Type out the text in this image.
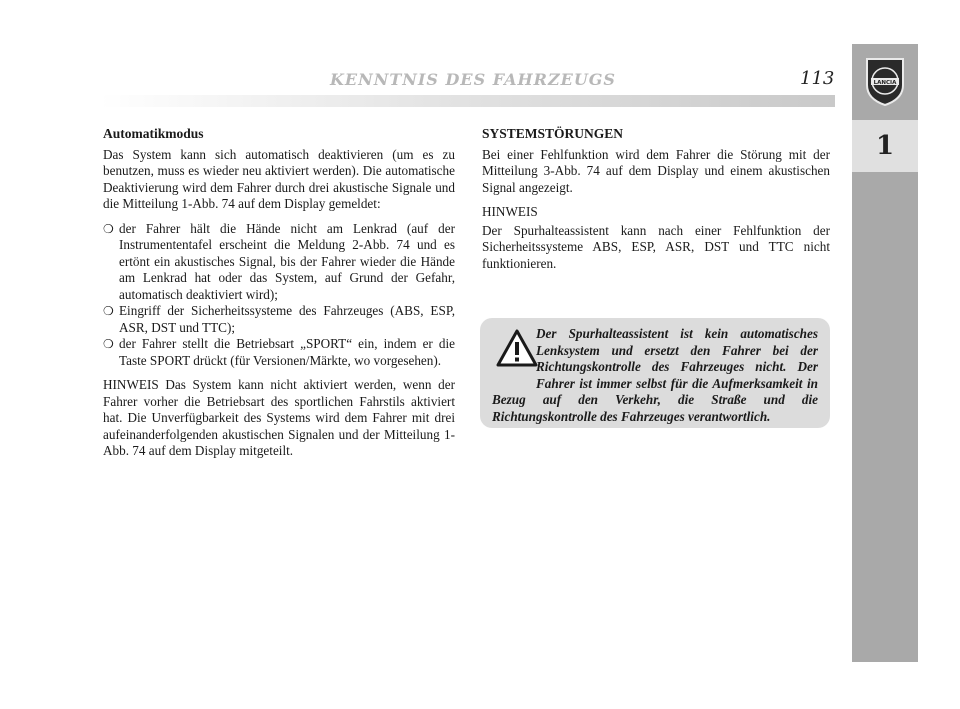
KENNTNIS DES FAHRZEUGS	113	LANCIA
1
Automatikmodus

Das System kann sich automatisch deaktivieren (um es zu benutzen, muss es wieder neu aktiviert werden). Die automatische Deaktivierung wird dem Fahrer durch drei akustische Signale und die Mitteilung 1-Abb. 74 auf dem Display gemeldet:

❍ der Fahrer hält die Hände nicht am Lenkrad (auf der Instrumententafel erscheint die Meldung 2-Abb. 74 und es ertönt ein akustisches Signal, bis der Fahrer wieder die Hände am Lenkrad hat oder das System, auf Grund der Gefahr, automatisch deaktiviert wird);
❍ Eingriff der Sicherheitssysteme des Fahrzeuges (ABS, ESP, ASR, DST und TTC);
❍ der Fahrer stellt die Betriebsart „SPORT“ ein, indem er die Taste SPORT drückt (für Versionen/Märkte, wo vorgesehen).

HINWEIS Das System kann nicht aktiviert werden, wenn der Fahrer vorher die Betriebsart des sportlichen Fahrstils aktiviert hat. Die Unverfügbarkeit des Systems wird dem Fahrer mit drei aufeinanderfolgenden akustischen Signalen und der Mitteilung 1-Abb. 74 auf dem Display mitgeteilt.

SYSTEMSTÖRUNGEN

Bei einer Fehlfunktion wird dem Fahrer die Störung mit der Mitteilung 3-Abb. 74 auf dem Display und einem akustischen Signal angezeigt.

HINWEIS

Der Spurhalteassistent kann nach einer Fehlfunktion der Sicherheitssysteme ABS, ESP, ASR, DST und TTC nicht funktionieren.

Der Spurhalteassistent ist kein automatisches Lenksystem und ersetzt den Fahrer bei der Richtungskontrolle des Fahrzeuges nicht. Der Fahrer ist immer selbst für die Aufmerksamkeit in Bezug auf den Verkehr, die Straße und die Richtungskontrolle des Fahrzeuges verantwortlich.
